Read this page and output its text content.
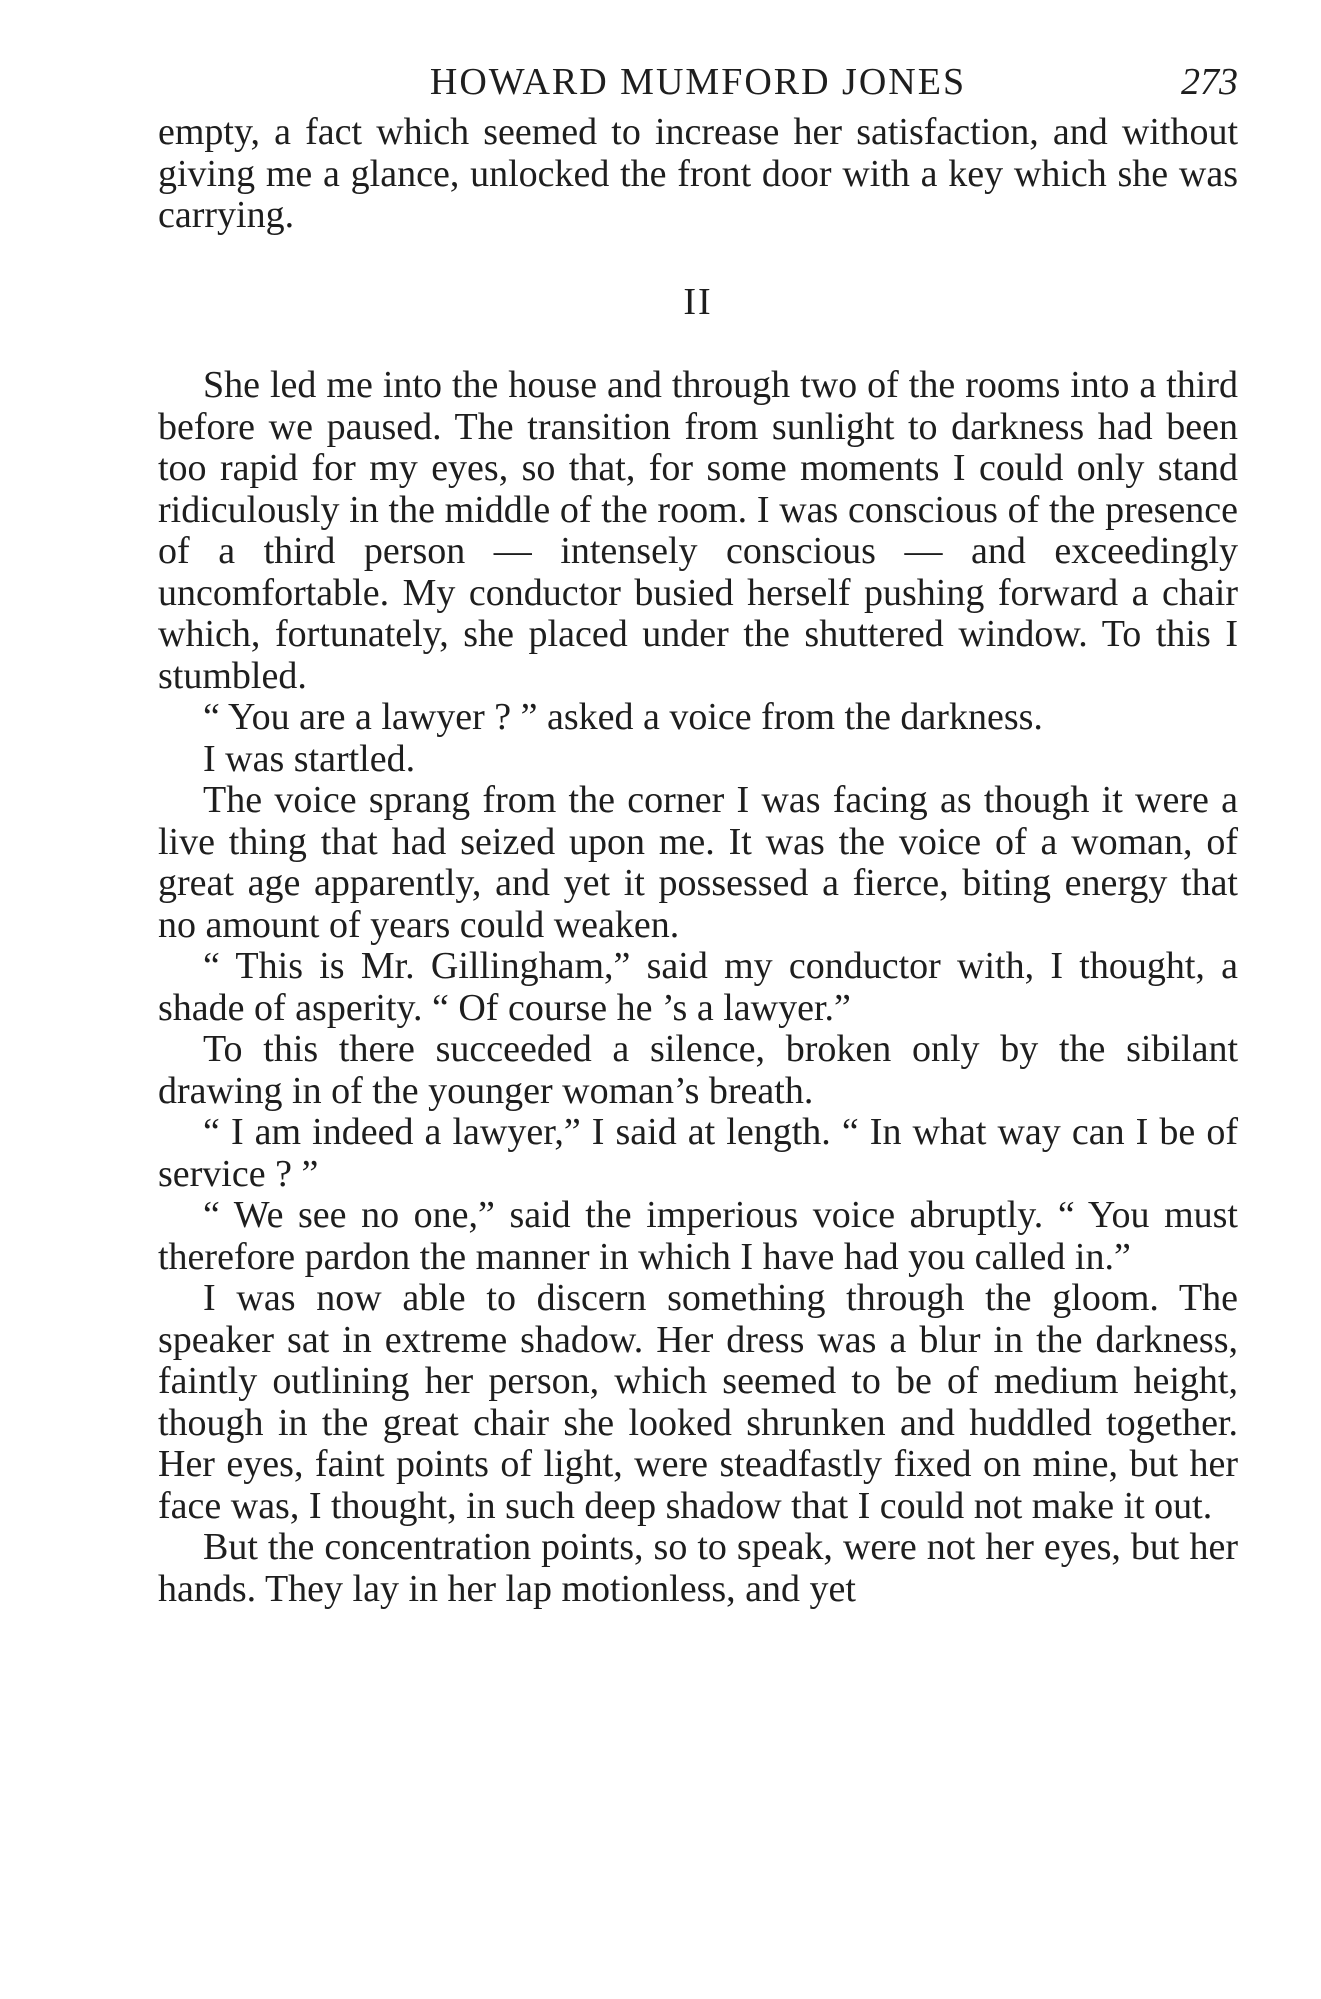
HOWARD MUMFORD JONES	273

empty, a fact which seemed to increase her satisfaction, and without giving me a glance, unlocked the front door with a key which she was carrying.

II

She led me into the house and through two of the rooms into a third before we paused. The transition from sunlight to darkness had been too rapid for my eyes, so that, for some moments I could only stand ridiculously in the middle of the room. I was conscious of the presence of a third person — intensely conscious — and exceedingly uncomfortable. My conductor busied herself pushing forward a chair which, fortunately, she placed under the shuttered window. To this I stumbled.

“ You are a lawyer ? ” asked a voice from the darkness.

I was startled.

The voice sprang from the corner I was facing as though it were a live thing that had seized upon me. It was the voice of a woman, of great age apparently, and yet it possessed a fierce, biting energy that no amount of years could weaken.

“ This is Mr. Gillingham,” said my conductor with, I thought, a shade of asperity. “ Of course he ’s a lawyer.”

To this there succeeded a silence, broken only by the sibilant drawing in of the younger woman’s breath.

“ I am indeed a lawyer,” I said at length. “ In what way can I be of service ? ”

“ We see no one,” said the imperious voice abruptly. “ You must therefore pardon the manner in which I have had you called in.”

I was now able to discern something through the gloom. The speaker sat in extreme shadow. Her dress was a blur in the darkness, faintly outlining her person, which seemed to be of medium height, though in the great chair she looked shrunken and huddled together. Her eyes, faint points of light, were steadfastly fixed on mine, but her face was, I thought, in such deep shadow that I could not make it out.

But the concentration points, so to speak, were not her eyes, but her hands. They lay in her lap motionless, and yet
